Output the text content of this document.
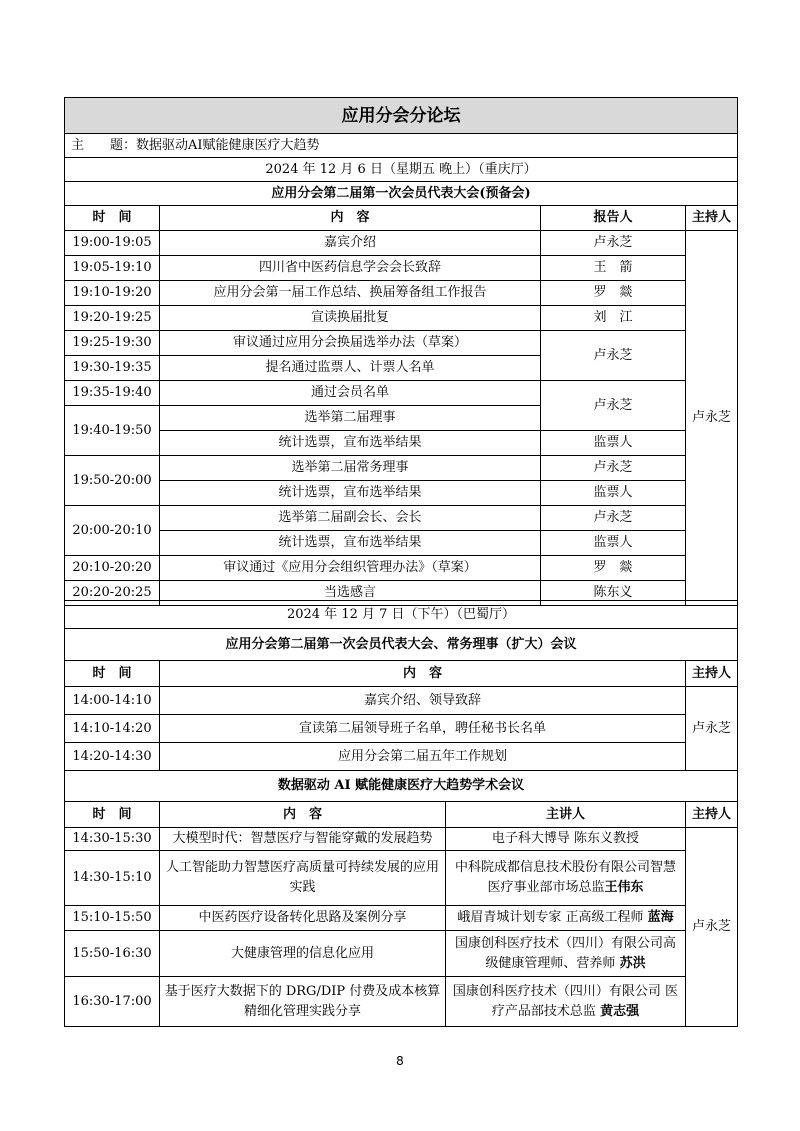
应用分会分论坛			
主　　题：数据驱动AI赋能健康医疗大趋势			
2024 年 12 月 6 日（星期五 晚上）（重庆厅）			
应用分会第二届第一次会员代表大会(预备会)			
时　间	内　容	报告人	主持人
19:00-19:05	嘉宾介绍	卢永芝	卢永芝
19:05-19:10	四川省中医药信息学会会长致辞	王　箭	
19:10-19:20	应用分会第一届工作总结、换届筹备组工作报告	罗　燚	
19:20-19:25	宣读换届批复	刘　江	
19:25-19:30	审议通过应用分会换届选举办法（草案）	卢永芝	
19:30-19:35	提名通过监票人、计票人名单		
19:35-19:40	通过会员名单	卢永芝	
19:40-19:50	选举第二届理事		
	统计选票，宣布选举结果	监票人	
19:50-20:00	选举第二届常务理事	卢永芝	
	统计选票，宣布选举结果	监票人	
20:00-20:10	选举第二届副会长、会长	卢永芝	
	统计选票，宣布选举结果	监票人	
20:10-20:20	审议通过《应用分会组织管理办法》（草案）	罗　燚	
20:20-20:25	当选感言	陈东义	
2024 年 12 月 7 日（下午）（巴蜀厅）		
应用分会第二届第一次会员代表大会、常务理事（扩大）会议		
时　间	内　容	主持人
14:00-14:10	嘉宾介绍、领导致辞	卢永芝
14:10-14:20	宣读第二届领导班子名单，聘任秘书长名单	
14:20-14:30	应用分会第二届五年工作规划	
数据驱动 AI 赋能健康医疗大趋势学术会议			
时　间	内　容	主讲人	主持人
14:30-15:30	大模型时代：智慧医疗与智能穿戴的发展趋势	电子科大博导 陈东义教授	卢永芝
14:30-15:10	人工智能助力智慧医疗高质量可持续发展的应用实践	中科院成都信息技术股份有限公司智慧医疗事业部市场总监王伟东	
15:10-15:50	中医药医疗设备转化思路及案例分享	峨眉青城计划专家 正高级工程师 蓝海	
15:50-16:30	大健康管理的信息化应用	国康创科医疗技术（四川）有限公司高级健康管理师、营养师 苏洪	
16:30-17:00	基于医疗大数据下的 DRG/DIP 付费及成本核算精细化管理实践分享	国康创科医疗技术（四川）有限公司 医疗产品部技术总监 黄志强	
8
